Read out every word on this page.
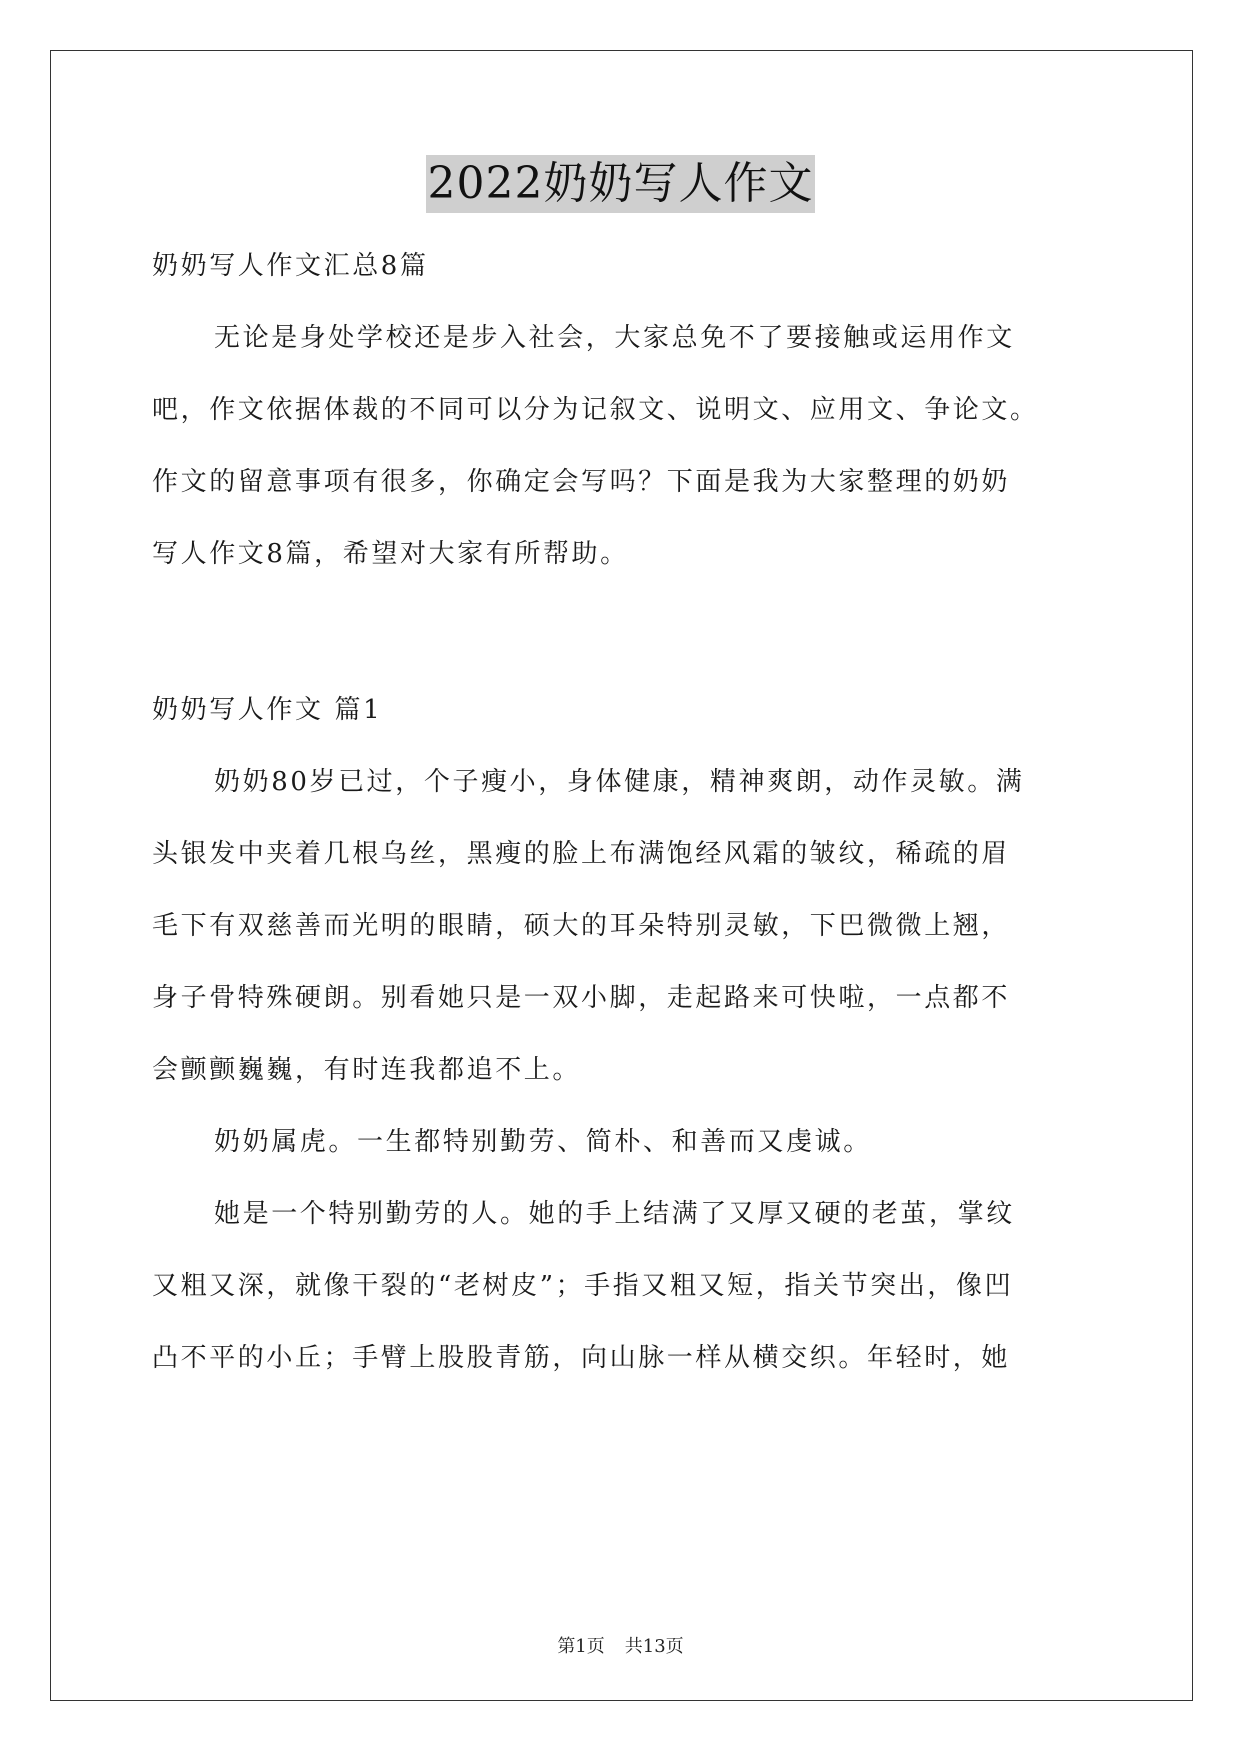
2022奶奶写人作文
奶奶写人作文汇总8篇
无论是身处学校还是步入社会，大家总免不了要接触或运用作文
吧，作文依据体裁的不同可以分为记叙文、说明文、应用文、争论文。
作文的留意事项有很多，你确定会写吗？下面是我为大家整理的奶奶
写人作文8篇，希望对大家有所帮助。
奶奶写人作文 篇1
奶奶80岁已过，个子瘦小，身体健康，精神爽朗，动作灵敏。满
头银发中夹着几根乌丝，黑瘦的脸上布满饱经风霜的皱纹，稀疏的眉
毛下有双慈善而光明的眼睛，硕大的耳朵特别灵敏，下巴微微上翘，
身子骨特殊硬朗。别看她只是一双小脚，走起路来可快啦，一点都不
会颤颤巍巍，有时连我都追不上。
奶奶属虎。一生都特别勤劳、简朴、和善而又虔诚。
她是一个特别勤劳的人。她的手上结满了又厚又硬的老茧，掌纹
又粗又深，就像干裂的“老树皮”；手指又粗又短，指关节突出，像凹
凸不平的小丘；手臂上股股青筋，向山脉一样从横交织。年轻时，她
第1页 共13页
